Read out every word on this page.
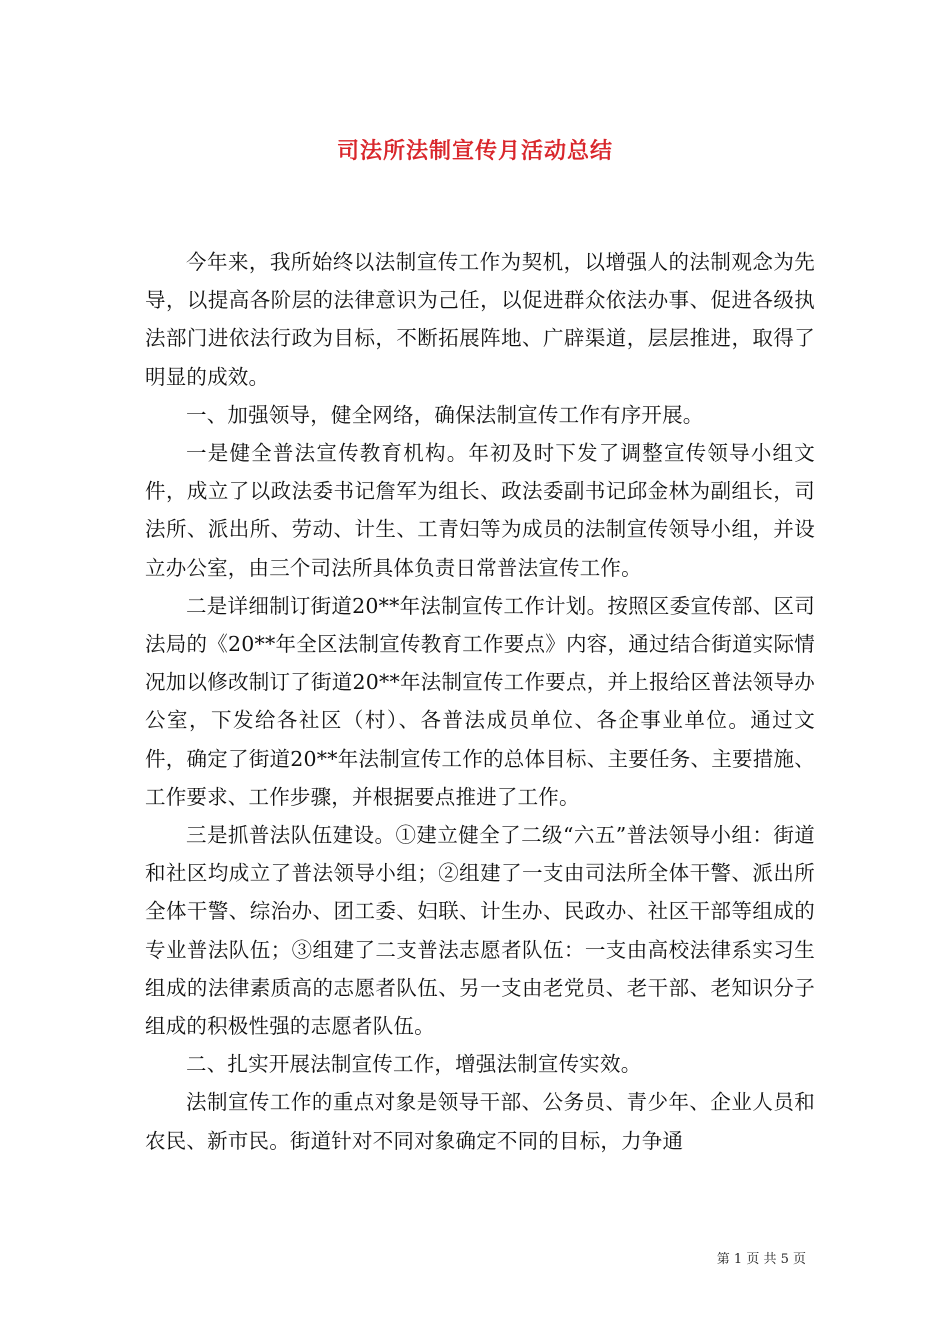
司法所法制宣传月活动总结

今年来，我所始终以法制宣传工作为契机，以增强人的法制观念为先导，以提高各阶层的法律意识为己任，以促进群众依法办事、促进各级执法部门进依法行政为目标，不断拓展阵地、广辟渠道，层层推进，取得了明显的成效。

一、加强领导，健全网络，确保法制宣传工作有序开展。

一是健全普法宣传教育机构。年初及时下发了调整宣传领导小组文件，成立了以政法委书记詹军为组长、政法委副书记邱金林为副组长，司法所、派出所、劳动、计生、工青妇等为成员的法制宣传领导小组，并设立办公室，由三个司法所具体负责日常普法宣传工作。

二是详细制订街道20**年法制宣传工作计划。按照区委宣传部、区司法局的《20**年全区法制宣传教育工作要点》内容，通过结合街道实际情况加以修改制订了街道20**年法制宣传工作要点，并上报给区普法领导办公室，下发给各社区（村）、各普法成员单位、各企事业单位。通过文件，确定了街道20**年法制宣传工作的总体目标、主要任务、主要措施、工作要求、工作步骤，并根据要点推进了工作。

三是抓普法队伍建设。①建立健全了二级“六五”普法领导小组：街道和社区均成立了普法领导小组；②组建了一支由司法所全体干警、派出所全体干警、综治办、团工委、妇联、计生办、民政办、社区干部等组成的专业普法队伍；③组建了二支普法志愿者队伍：一支由高校法律系实习生组成的法律素质高的志愿者队伍、另一支由老党员、老干部、老知识分子组成的积极性强的志愿者队伍。

二、扎实开展法制宣传工作，增强法制宣传实效。

法制宣传工作的重点对象是领导干部、公务员、青少年、企业人员和农民、新市民。街道针对不同对象确定不同的目标，力争通

第 1 页 共 5 页
